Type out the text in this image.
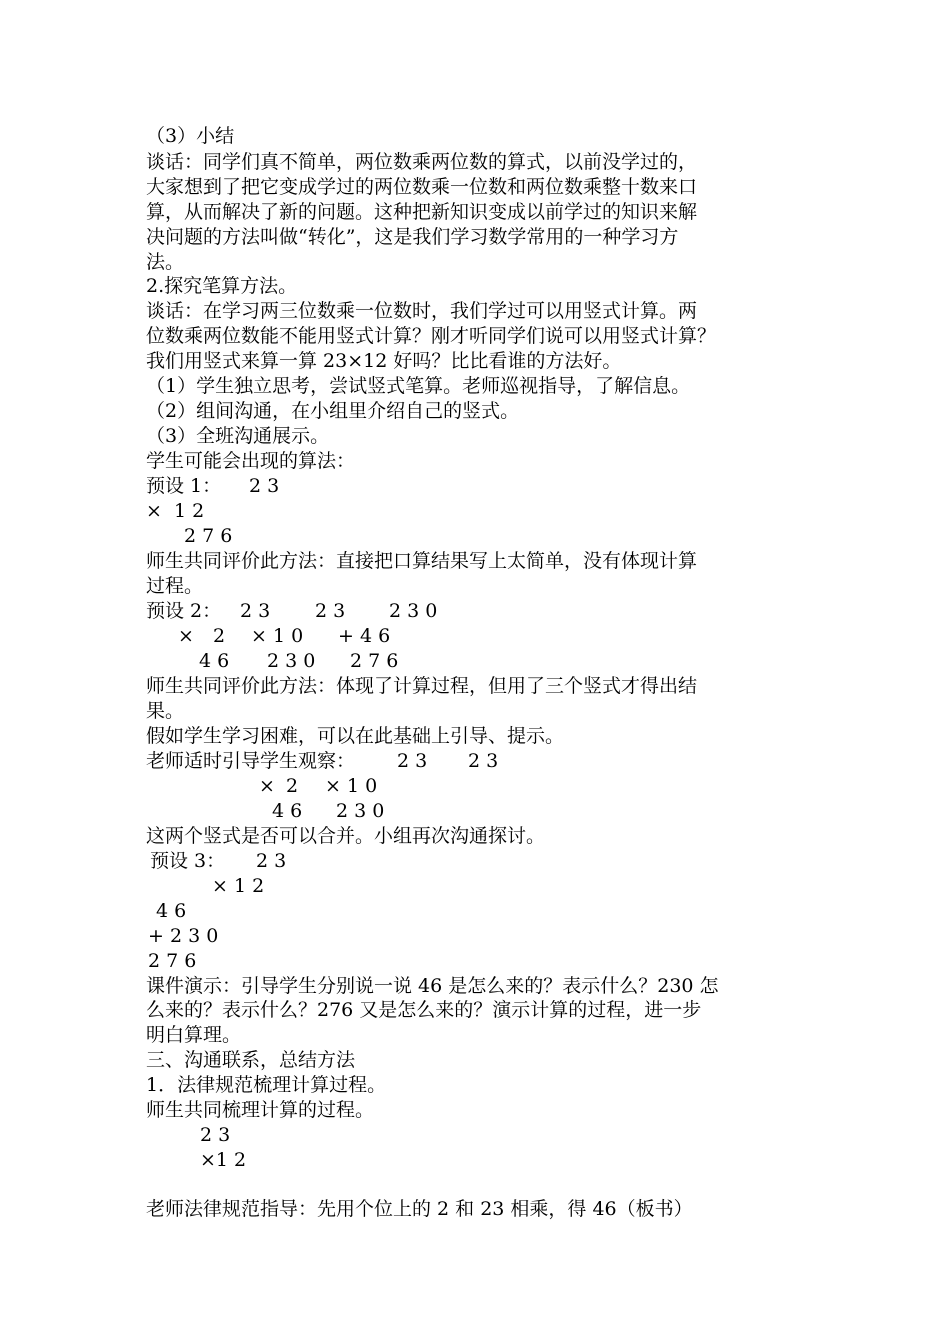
（3）小结
谈话：同学们真不简单，两位数乘两位数的算式，以前没学过的，
大家想到了把它变成学过的两位数乘一位数和两位数乘整十数来口
算，从而解决了新的问题。这种把新知识变成以前学过的知识来解
决问题的方法叫做“转化”，这是我们学习数学常用的一种学习方
法。
2.探究笔算方法。
谈话：在学习两三位数乘一位数时，我们学过可以用竖式计算。两
位数乘两位数能不能用竖式计算？刚才听同学们说可以用竖式计算？
我们用竖式来算一算 23×12 好吗？比比看谁的方法好。
（1）学生独立思考，尝试竖式笔算。老师巡视指导，了解信息。
（2）组间沟通，在小组里介绍自己的竖式。
（3）全班沟通展示。
学生可能会出现的算法：
预设 1： 2 3
× 1 2
2 7 6
师生共同评价此方法：直接把口算结果写上太简单，没有体现计算
过程。
预设 2： 2 3 2 3 2 3 0
× 2 × 1 0 + 4 6
4 6 2 3 0 2 7 6
师生共同评价此方法：体现了计算过程，但用了三个竖式才得出结
果。
假如学生学习困难，可以在此基础上引导、提示。
老师适时引导学生观察： 2 3 2 3
× 2 × 1 0
4 6 2 3 0
这两个竖式是否可以合并。小组再次沟通探讨。
预设 3： 2 3
× 1 2
4 6
+ 2 3 0
2 7 6
课件演示：引导学生分别说一说 46 是怎么来的？表示什么？230 怎
么来的？表示什么？276 又是怎么来的？演示计算的过程，进一步
明白算理。
三、沟通联系，总结方法
1．法律规范梳理计算过程。
师生共同梳理计算的过程。
2 3
×1 2
老师法律规范指导：先用个位上的 2 和 23 相乘，得 46（板书）
